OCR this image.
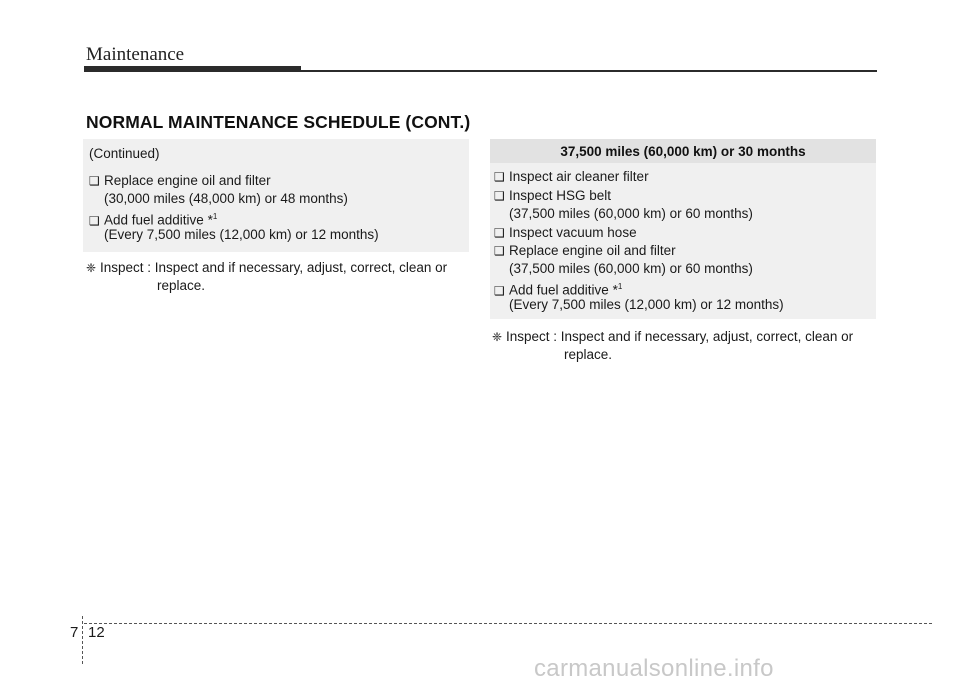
Maintenance
NORMAL MAINTENANCE SCHEDULE (CONT.)
(Continued)
❑ Replace engine oil and filter
(30,000 miles (48,000 km) or 48 months)
❑ Add fuel additive *$^1$
(Every 7,500 miles (12,000 km) or 12 months)
❈ Inspect : Inspect and if necessary, adjust, correct, clean or
replace.
37,500 miles (60,000 km) or 30 months
❑ Inspect air cleaner filter
❑ Inspect HSG belt
(37,500 miles (60,000 km) or 60 months)
❑ Inspect vacuum hose
❑ Replace engine oil and filter
(37,500 miles (60,000 km) or 60 months)
❑ Add fuel additive *$^1$
(Every 7,500 miles (12,000 km) or 12 months)
❈ Inspect : Inspect and if necessary, adjust, correct, clean or
replace.
7 12
carmanualsonline.info
